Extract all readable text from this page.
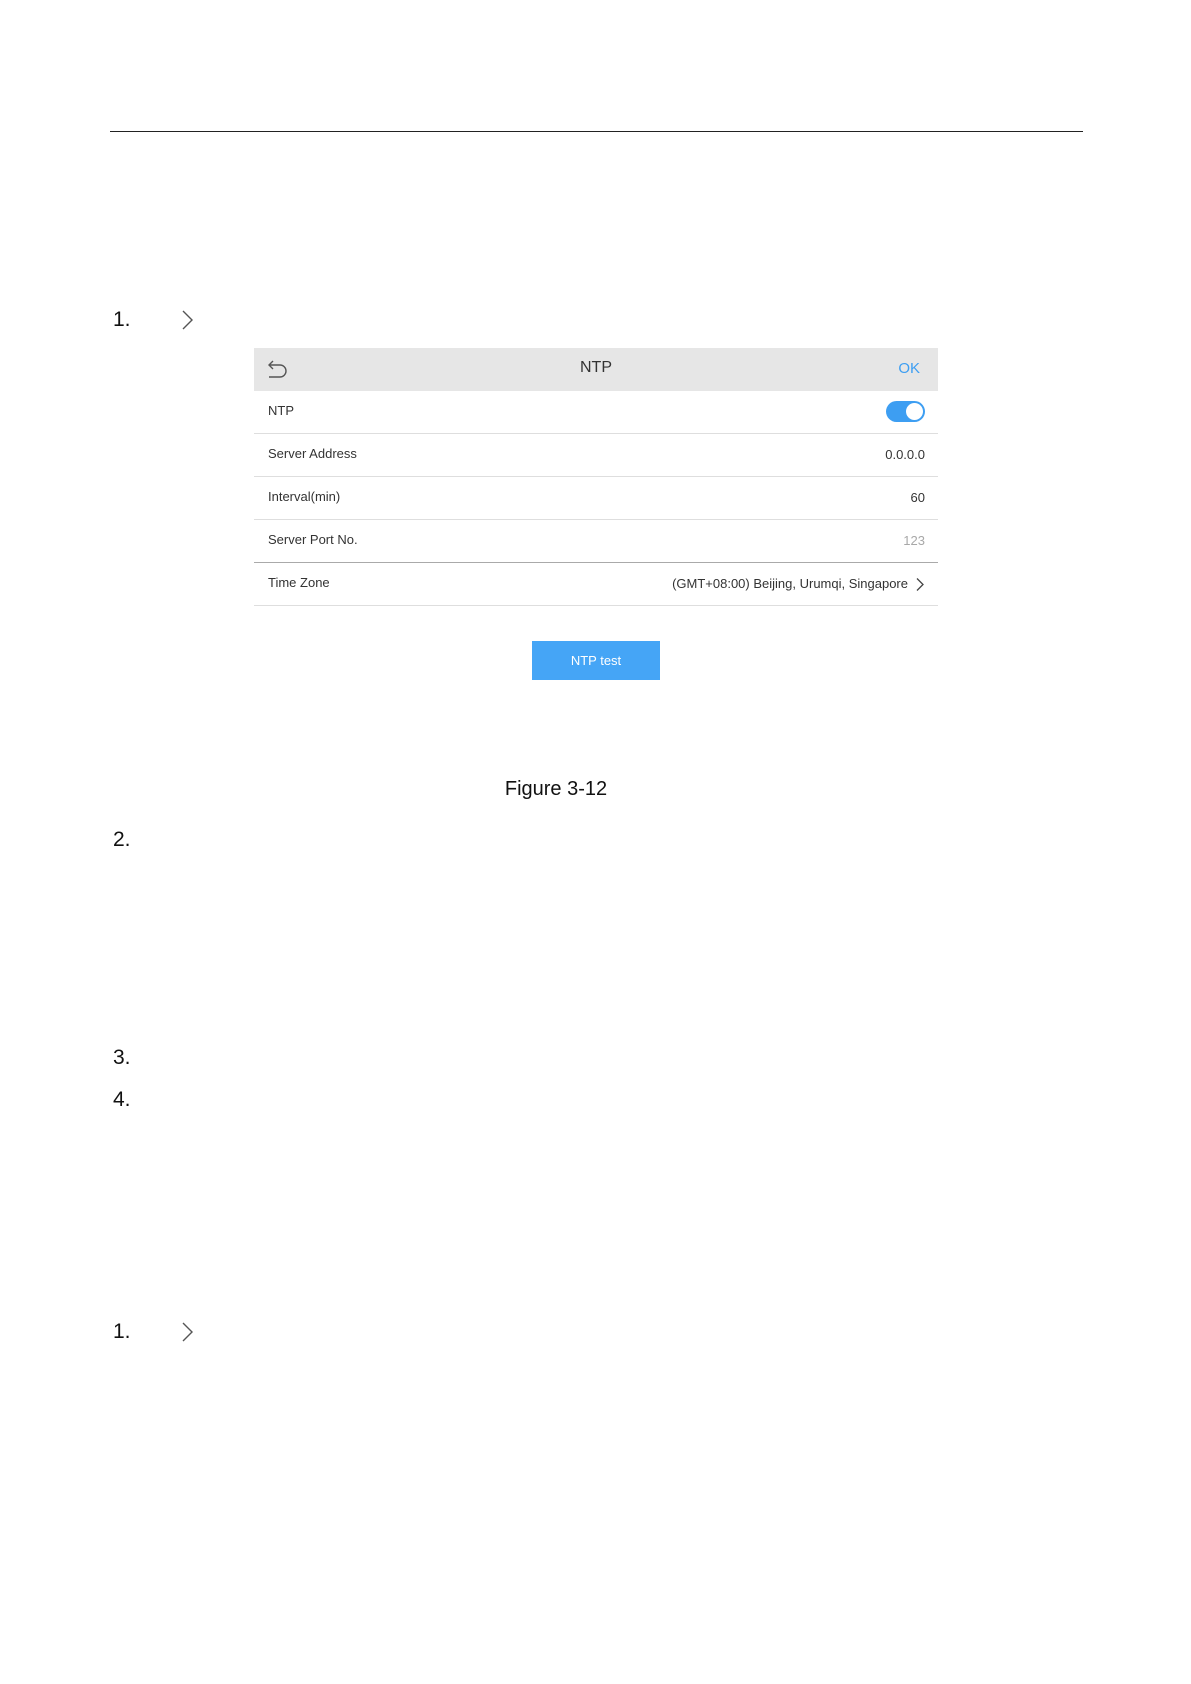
1.
NTP	OK
NTP
Server Address	0.0.0.0
Interval(min)	60
Server Port No.	123
Time Zone	(GMT+08:00) Beijing, Urumqi, Singapore
NTP test
Figure 3-12
2.
3.
4.
1.
